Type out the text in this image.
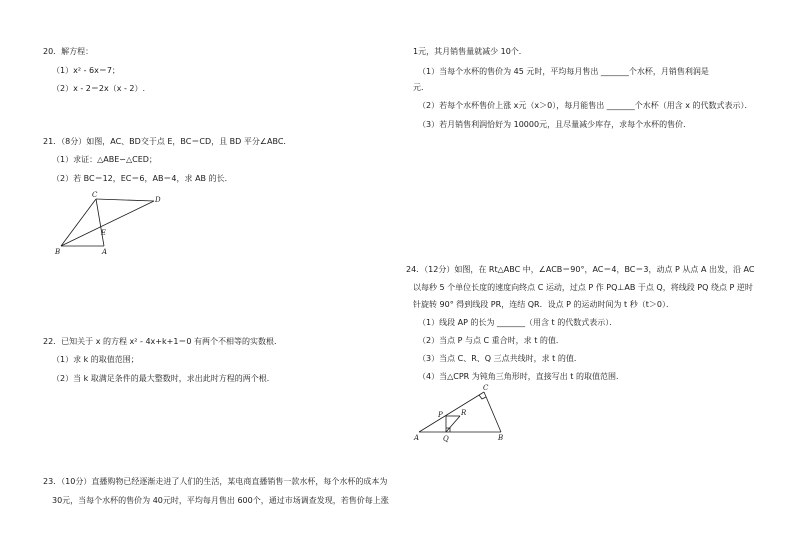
20．解方程：
（1）x² - 6x＝7；
（2）x - 2＝2x（x - 2）.
21．（8分）如图，AC、BD交于点 E，BC＝CD，且 BD 平分∠ABC．
（1）求证：△ABE∽△CED；
（2）若 BC＝12，EC＝6，AB＝4，求 AB 的长．
C
D
E
B	A
22．已知关于 x 的方程 x² - 4x+k+1＝0 有两个不相等的实数根．
（1）求 k 的取值范围；
（2）当 k 取满足条件的最大整数时，求出此时方程的两个根．
23．（10分）直播购物已经逐渐走进了人们的生活，某电商直播销售一款水杯，每个水杯的成本为
30元，当每个水杯的售价为 40元时，平均每月售出 600个，通过市场调查发现，若售价每上涨
1元，其月销售量就减少 10个．
（1）当每个水杯的售价为 45 元时，平均每月售出 _______个水杯，月销售利润是
元．
（2）若每个水杯售价上涨 x元（x＞0），每月能售出 _______个水杯（用含 x 的代数式表示）．
（3）若月销售利润恰好为 10000元，且尽量减少库存，求每个水杯的售价．
24．（12分）如图，在 Rt△ABC 中，∠ACB＝90°，AC＝4，BC＝3，动点 P 从点 A 出发，沿 AC
以每秒 5 个单位长度的速度向终点 C 运动，过点 P 作 PQ⊥AB 于点 Q，将线段 PQ 绕点 P 逆时
针旋转 90° 得到线段 PR，连结 QR．设点 P 的运动时间为 t 秒（t＞0）．
（1）线段 AP 的长为 _______（用含 t 的代数式表示）．
（2）当点 P 与点 C 重合时，求 t 的值．
（3）当点 C、R、Q 三点共线时，求 t 的值．
（4）当△CPR 为钝角三角形时，直接写出 t 的取值范围．
C
R
P
A	Q	B
